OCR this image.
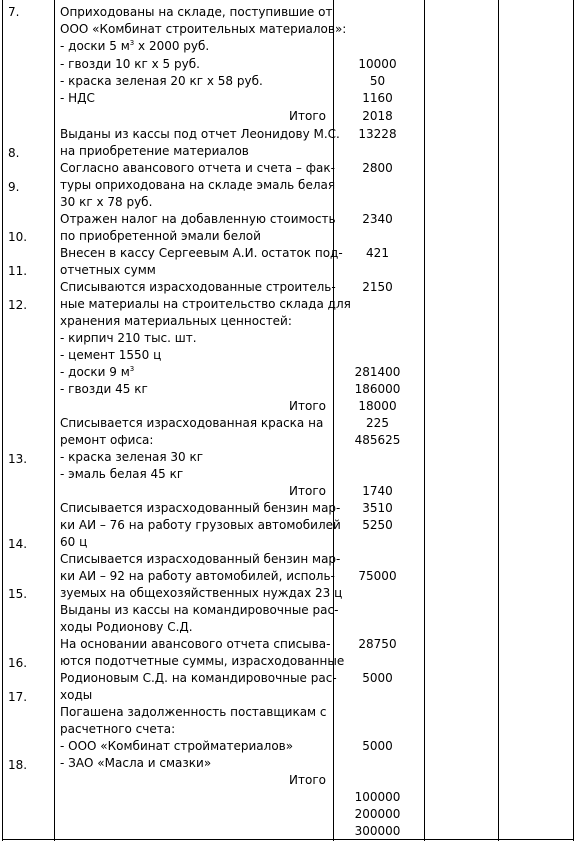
7.
8.
9.
10.
11.
12.
13.
14.
15.
16.
17.
18.
Оприходованы на складе, поступившие от
ООО «Комбинат строительных материалов»:
- доски 5 $м^3$ х 2000 руб.
- гвозди 10 кг х 5 руб.
- краска зеленая 20 кг х 58 руб.
- НДС
Итого
Выданы из кассы под отчет Леонидову М.С.
на приобретение материалов
Согласно авансового отчета и счета – фак-
туры оприходована на складе эмаль белая
30 кг х 78 руб.
Отражен налог на добавленную стоимость
по приобретенной эмали белой
Внесен в кассу Сергеевым А.И. остаток под-
отчетных сумм
Списываются израсходованные строитель-
ные материалы на строительство склада для
хранения материальных ценностей:
- кирпич 210 тыс. шт.
- цемент 1550 ц
- доски 9 $м^3$
- гвозди 45 кг
Итого
Списывается израсходованная краска на
ремонт офиса:
- краска зеленая 30 кг
- эмаль белая 45 кг
Итого
Списывается израсходованный бензин мар-
ки АИ – 76 на работу грузовых автомобилей
60 ц
Списывается израсходованный бензин мар-
ки АИ – 92 на работу автомобилей, исполь-
зуемых на общехозяйственных нуждах 23 ц
Выданы из кассы на командировочные рас-
ходы Родионову С.Д.
На основании авансового отчета списыва-
ются подотчетные суммы, израсходованные
Родионовым С.Д. на командировочные рас-
ходы
Погашена задолженность поставщикам с
расчетного счета:
- ООО «Комбинат стройматериалов»
- ЗАО «Масла и смазки»
Итого
10000
50
1160
2018
13228
2800
2340
421
2150
281400
186000
18000
225
485625
1740
3510
5250
75000
28750
5000
5000
100000
200000
300000
